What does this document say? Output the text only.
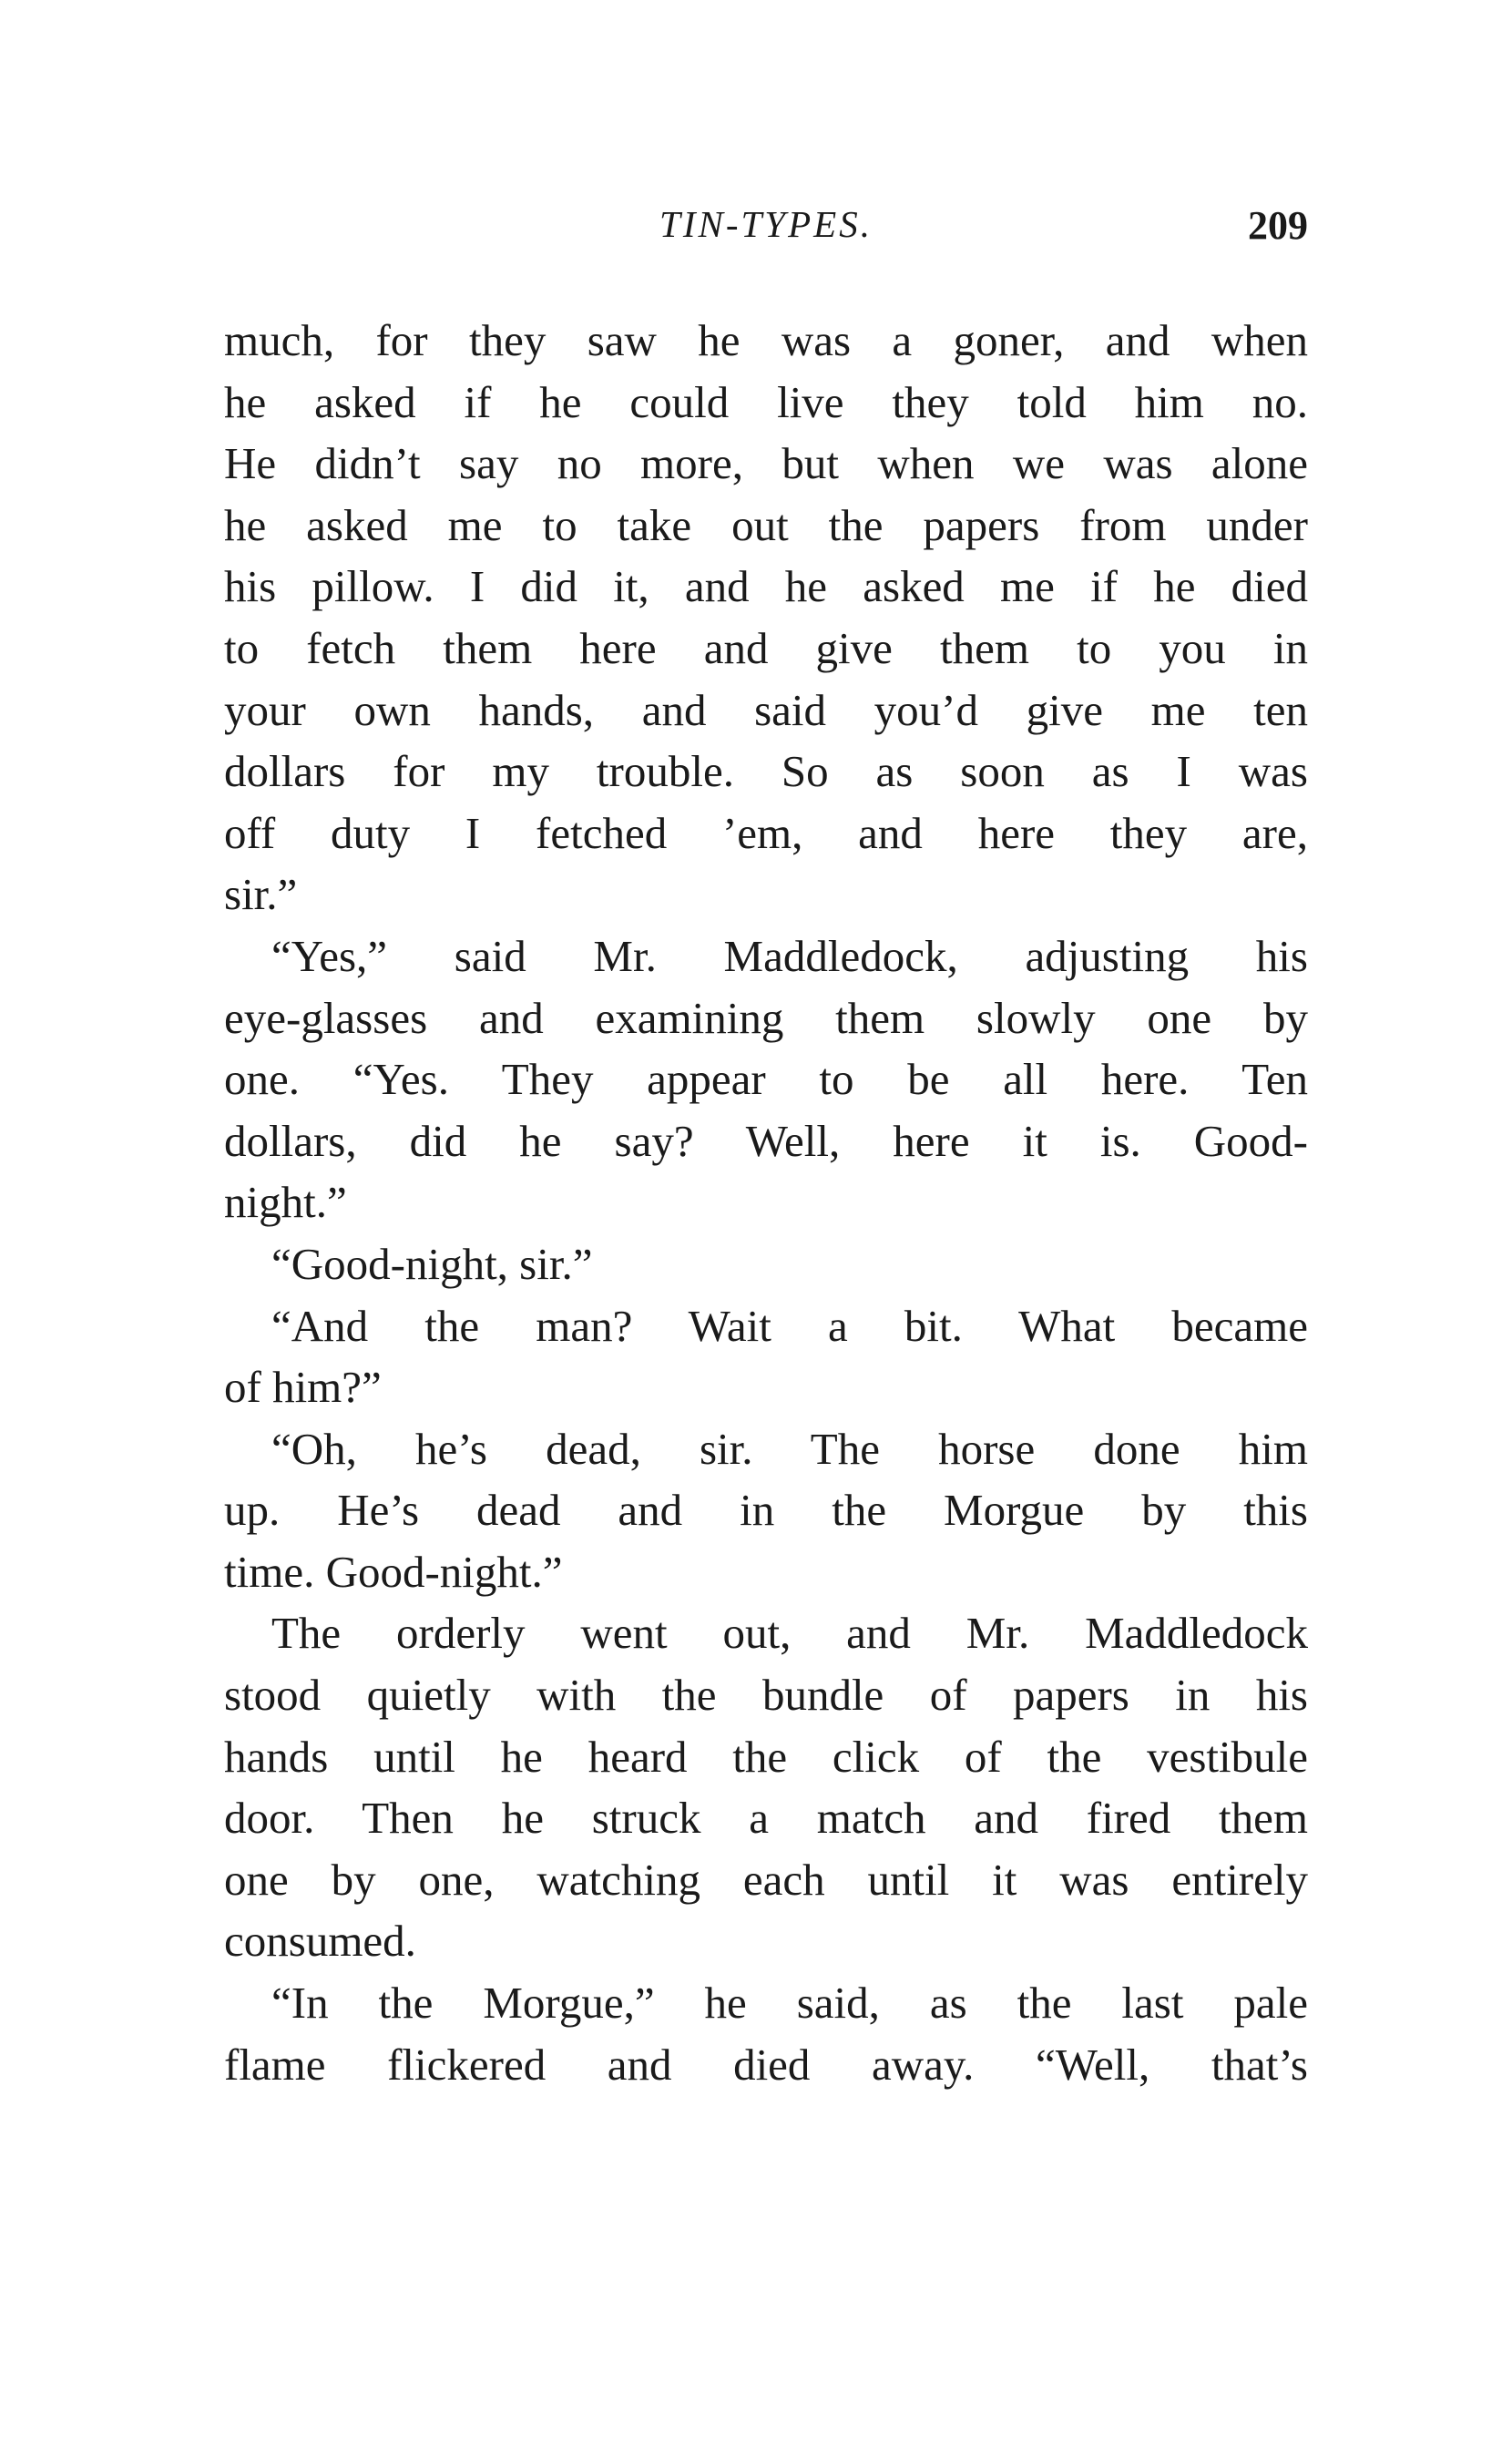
TIN-TYPES.	209
much, for they saw he was a goner, and when
he asked if he could live they told him no.
He didn’t say no more, but when we was alone
he asked me to take out the papers from under
his pillow. I did it, and he asked me if he died
to fetch them here and give them to you in
your own hands, and said you’d give me ten
dollars for my trouble. So as soon as I was
off duty I fetched ’em, and here they are,
sir.”
“Yes,” said Mr. Maddledock, adjusting his
eye-glasses and examining them slowly one by
one. “Yes. They appear to be all here. Ten
dollars, did he say? Well, here it is. Good-
night.”
“Good-night, sir.”
“And the man? Wait a bit. What became
of him?”
“Oh, he’s dead, sir. The horse done him
up. He’s dead and in the Morgue by this
time. Good-night.”
The orderly went out, and Mr. Maddledock
stood quietly with the bundle of papers in his
hands until he heard the click of the vestibule
door. Then he struck a match and fired them
one by one, watching each until it was entirely
consumed.
“In the Morgue,” he said, as the last pale
flame flickered and died away. “Well, that’s
